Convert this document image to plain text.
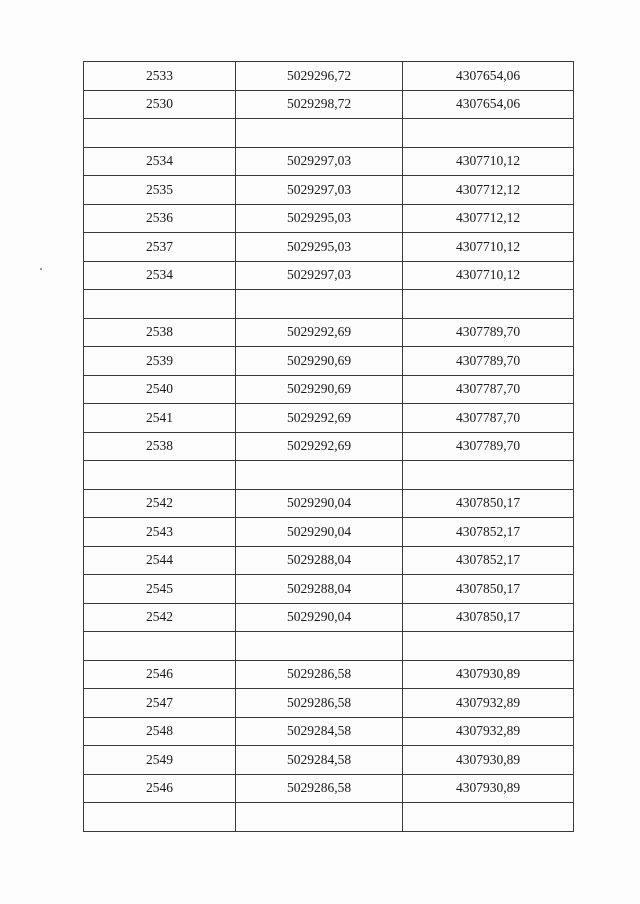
2533	5029296,72	4307654,06
2530	5029298,72	4307654,06

2534	5029297,03	4307710,12
2535	5029297,03	4307712,12
2536	5029295,03	4307712,12
2537	5029295,03	4307710,12
2534	5029297,03	4307710,12

2538	5029292,69	4307789,70
2539	5029290,69	4307789,70
2540	5029290,69	4307787,70
2541	5029292,69	4307787,70
2538	5029292,69	4307789,70

2542	5029290,04	4307850,17
2543	5029290,04	4307852,17
2544	5029288,04	4307852,17
2545	5029288,04	4307850,17
2542	5029290,04	4307850,17

2546	5029286,58	4307930,89
2547	5029286,58	4307932,89
2548	5029284,58	4307932,89
2549	5029284,58	4307930,89
2546	5029286,58	4307930,89
